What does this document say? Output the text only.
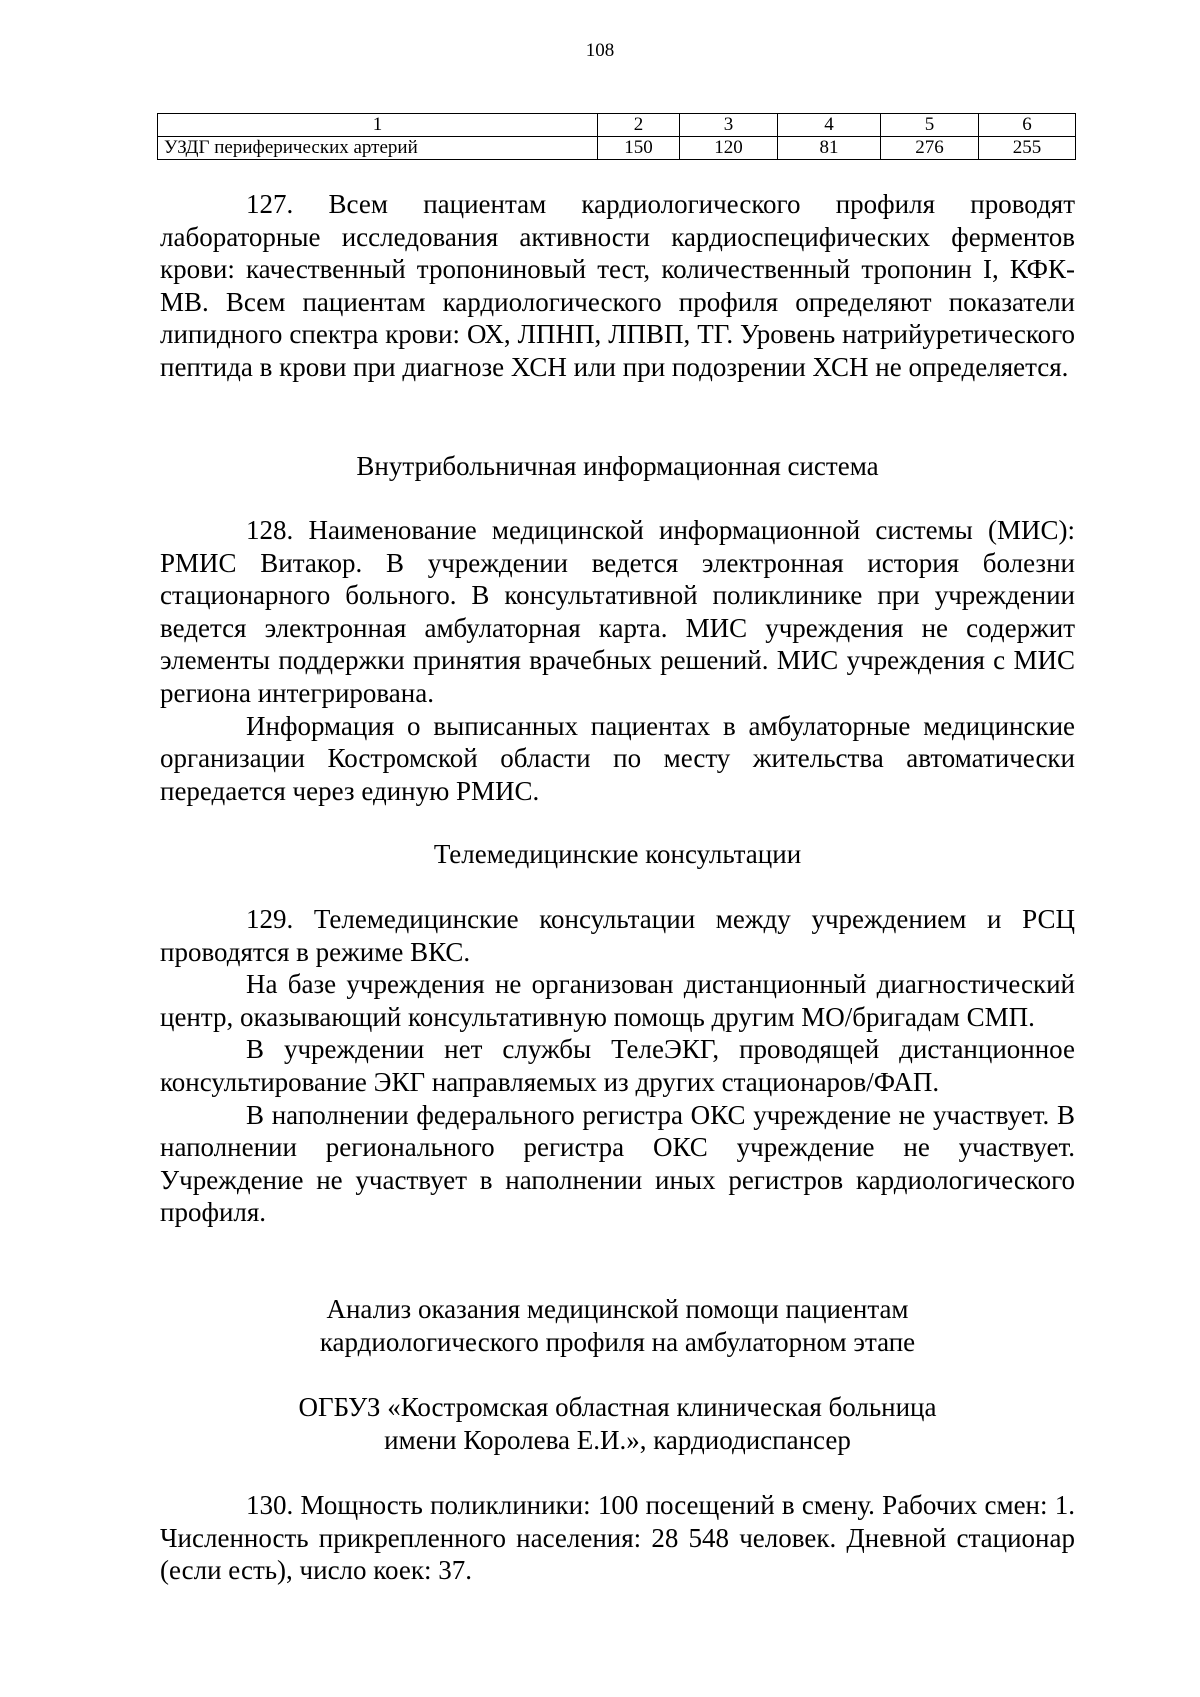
108
1	2	3	4	5	6
УЗДГ периферических артерий	150	120	81	276	255

127. Всем пациентам кардиологического профиля проводят лабораторные исследования активности кардиоспецифических ферментов крови: качественный тропониновый тест, количественный тропонин I, КФК-МВ. Всем пациентам кардиологического профиля определяют показатели липидного спектра крови: ОХ, ЛПНП, ЛПВП, ТГ. Уровень натрийуретического пептида в крови при диагнозе ХСН или при подозрении ХСН не определяется.

Внутрибольничная информационная система

128. Наименование медицинской информационной системы (МИС): РМИС Витакор. В учреждении ведется электронная история болезни стационарного больного. В консультативной поликлинике при учреждении ведется электронная амбулаторная карта. МИС учреждения не содержит элементы поддержки принятия врачебных решений. МИС учреждения с МИС региона интегрирована.

Информация о выписанных пациентах в амбулаторные медицинские организации Костромской области по месту жительства автоматически передается через единую РМИС.

Телемедицинские консультации

129. Телемедицинские консультации между учреждением и РСЦ проводятся в режиме ВКС.

На базе учреждения не организован дистанционный диагностический центр, оказывающий консультативную помощь другим МО/бригадам СМП.

В учреждении нет службы ТелеЭКГ, проводящей дистанционное консультирование ЭКГ направляемых из других стационаров/ФАП.

В наполнении федерального регистра ОКС учреждение не участвует. В наполнении регионального регистра ОКС учреждение не участвует. Учреждение не участвует в наполнении иных регистров кардиологического профиля.

Анализ оказания медицинской помощи пациентам

кардиологического профиля на амбулаторном этапе

ОГБУЗ «Костромская областная клиническая больница

имени Королева Е.И.», кардиодиспансер

130. Мощность поликлиники: 100 посещений в смену. Рабочих смен: 1. Численность прикрепленного населения: 28 548 человек. Дневной стационар (если есть), число коек: 37.
